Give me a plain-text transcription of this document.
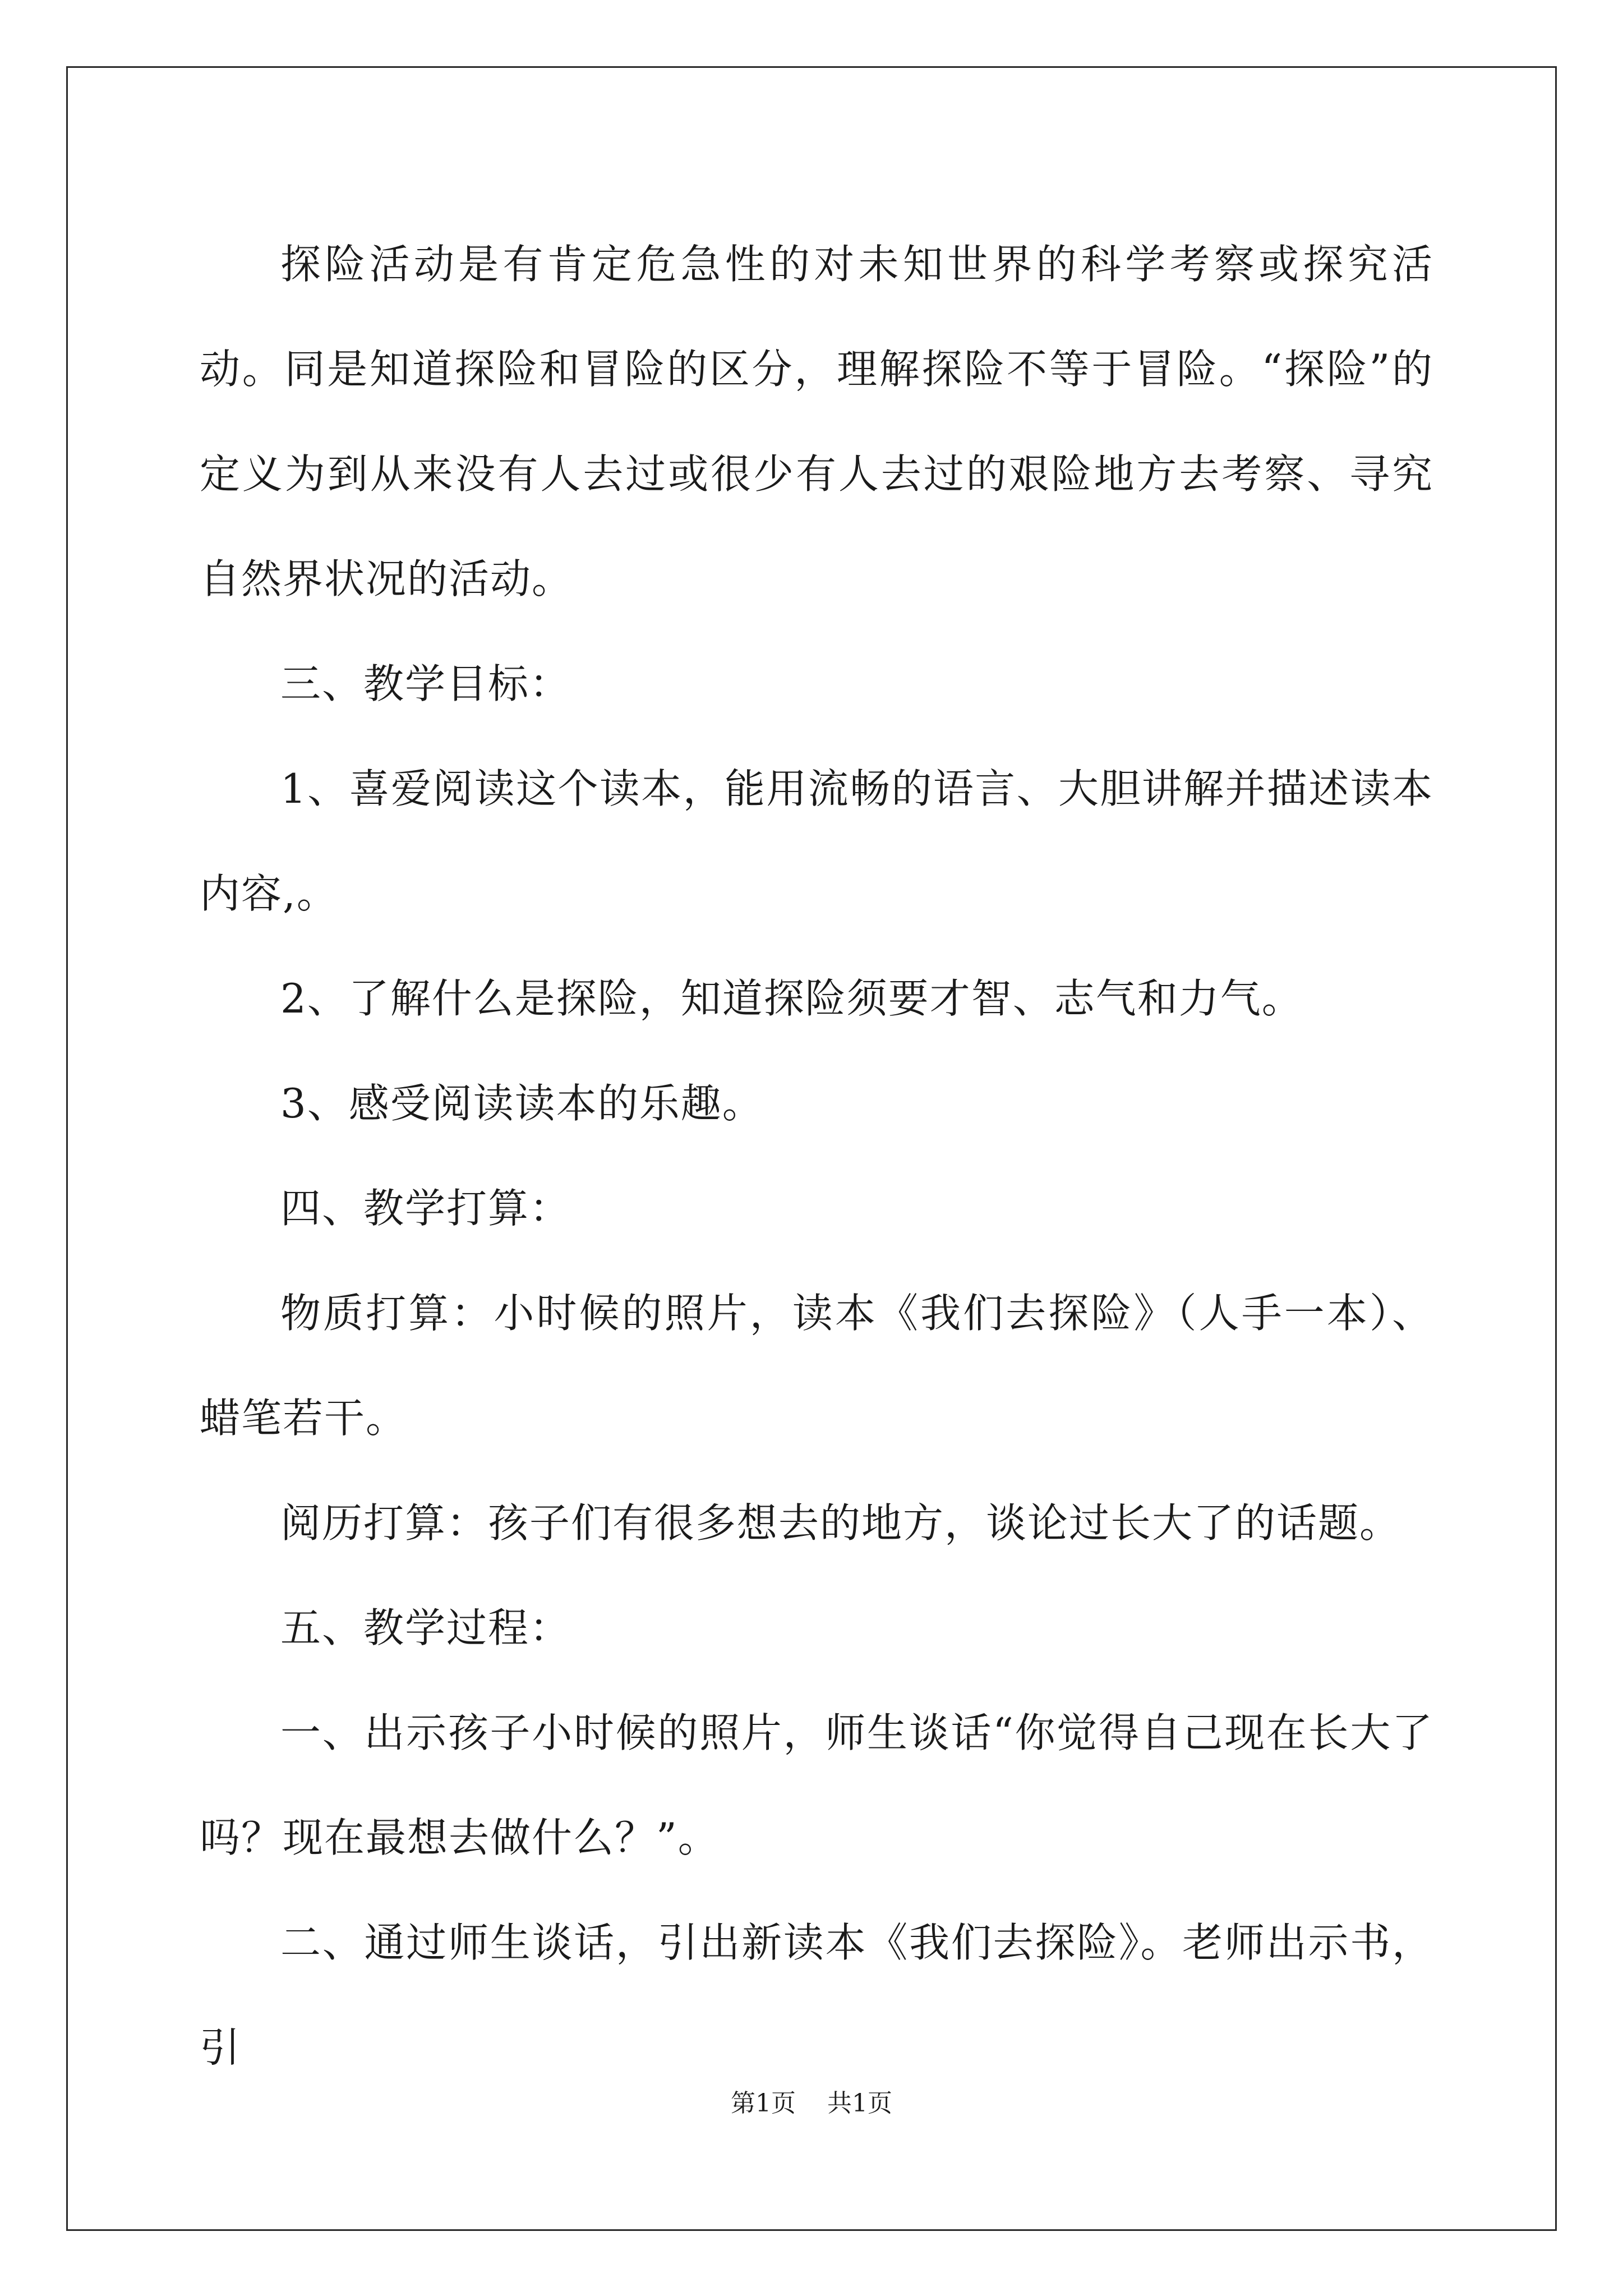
探险活动是有肯定危急性的对未知世界的科学考察或探究活动。同是知道探险和冒险的区分，理解探险不等于冒险。“探险”的定义为到从来没有人去过或很少有人去过的艰险地方去考察、寻究自然界状况的活动。

三、教学目标：

1、喜爱阅读这个读本，能用流畅的语言、大胆讲解并描述读本内容,。

2、了解什么是探险，知道探险须要才智、志气和力气。

3、感受阅读读本的乐趣。

四、教学打算：

物质打算：小时候的照片，读本《我们去探险》（人手一本）、蜡笔若干。

阅历打算：孩子们有很多想去的地方，谈论过长大了的话题。

五、教学过程：

一、出示孩子小时候的照片，师生谈话“你觉得自己现在长大了吗？现在最想去做什么？”。

二、通过师生谈话，引出新读本《我们去探险》。老师出示书，引

第1页 共1页
